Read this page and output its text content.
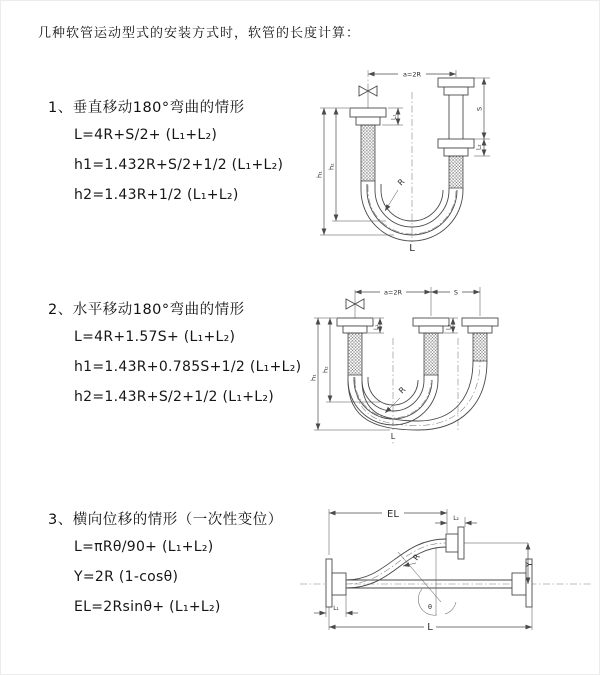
几种软管运动型式的安装方式时，软管的长度计算：
1、垂直移动180°弯曲的情形
L=4R+S/2+ (L₁+L₂)
h1=1.432R+S/2+1/2 (L₁+L₂)
h2=1.43R+1/2 (L₁+L₂)
2、水平移动180°弯曲的情形
L=4R+1.57S+ (L₁+L₂)
h1=1.43R+0.785S+1/2 (L₁+L₂)
h2=1.43R+S/2+1/2 (L₁+L₂)
3、横向位移的情形（一次性变位）
L=πRθ/90+ (L₁+L₂)
Y=2R (1-cosθ)
EL=2Rsinθ+ (L₁+L₂)
a=2R
R
h₁
h₂
S
L₂
L₁
L
a=2R	S
R
h₁
h₂
L₁	L₂
L
θ
R
EL	L₂
Y
L
L₁
